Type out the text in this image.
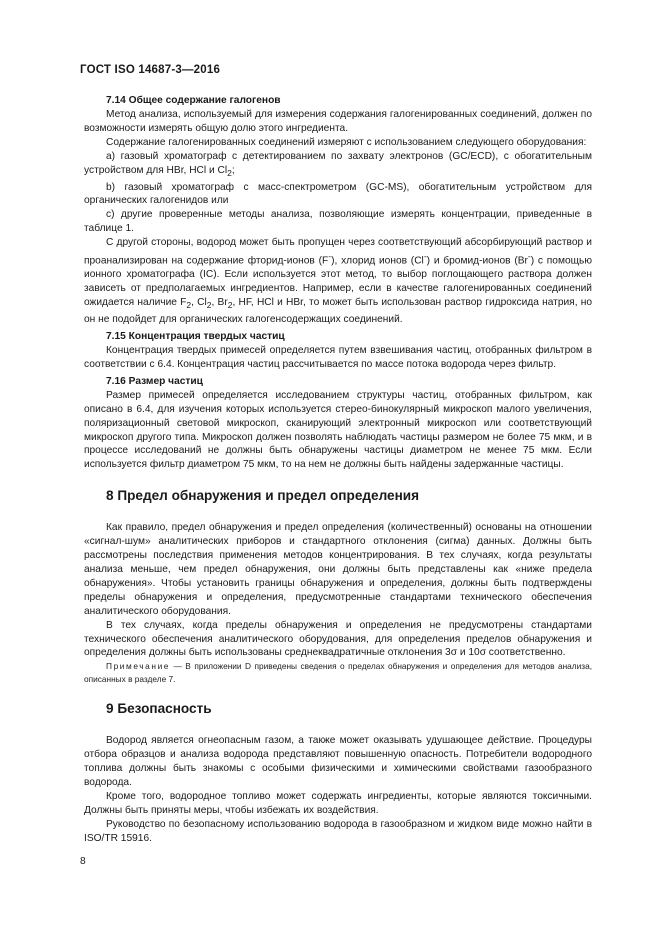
ГОСТ ISO 14687-3—2016
7.14 Общее содержание галогенов

Метод анализа, используемый для измерения содержания галогенированных соединений, должен по возможности измерять общую долю этого ингредиента.

Содержание галогенированных соединений измеряют с использованием следующего оборудования:

a) газовый хроматограф с детектированием по захвату электронов (GC/ECD), с обогатительным устройством для HBr, HCl и $Cl_2$;

b) газовый хроматограф с масс-спектрометром (GC-MS), обогатительным устройством для органических галогенидов или

c) другие проверенные методы анализа, позволяющие измерять концентрации, приведенные в таблице 1.

С другой стороны, водород может быть пропущен через соответствующий абсорбирующий раствор и проанализирован на содержание фторид-ионов (F-), хлорид ионов (Cl-) и бромид-ионов (Br-) с помощью ионного хроматографа (IC). Если используется этот метод, то выбор поглощающего раствора должен зависеть от предполагаемых ингредиентов. Например, если в качестве галогенированных соединений ожидается наличие $F_2$, $Cl_2$, $Br_2$, HF, HCl и HBr, то может быть использован раствор гидроксида натрия, но он не подойдет для органических галогенсодержащих соединений.

7.15 Концентрация твердых частиц

Концентрация твердых примесей определяется путем взвешивания частиц, отобранных фильтром в соответствии с 6.4. Концентрация частиц рассчитывается по массе потока водорода через фильтр.

7.16 Размер частиц

Размер примесей определяется исследованием структуры частиц, отобранных фильтром, как описано в 6.4, для изучения которых используется стерео-бинокулярный микроскоп малого увеличения, поляризационный световой микроскоп, сканирующий электронный микроскоп или соответствующий микроскоп другого типа. Микроскоп должен позволять наблюдать частицы размером не более 75 мкм, и в процессе исследований не должны быть обнаружены частицы диаметром не менее 75 мкм. Если используется фильтр диаметром 75 мкм, то на нем не должны быть найдены задержанные частицы.

8 Предел обнаружения и предел определения

Как правило, предел обнаружения и предел определения (количественный) основаны на отношении «сигнал-шум» аналитических приборов и стандартного отклонения (сигма) данных. Должны быть рассмотрены последствия применения методов концентрирования. В тех случаях, когда результаты анализа меньше, чем предел обнаружения, они должны быть представлены как «ниже предела обнаружения». Чтобы установить границы обнаружения и определения, должны быть подтверждены пределы обнаружения и определения, предусмотренные стандартами технического обеспечения аналитического оборудования.

В тех случаях, когда пределы обнаружения и определения не предусмотрены стандартами технического обеспечения аналитического оборудования, для определения пределов обнаружения и определения должны быть использованы среднеквадратичные отклонения 3σ и 10σ соответственно.

Примечание — В приложении D приведены сведения о пределах обнаружения и определения для методов анализа, описанных в разделе 7.

9 Безопасность

Водород является огнеопасным газом, а также может оказывать удушающее действие. Процедуры отбора образцов и анализа водорода представляют повышенную опасность. Потребители водородного топлива должны быть знакомы с особыми физическими и химическими свойствами газообразного водорода.

Кроме того, водородное топливо может содержать ингредиенты, которые являются токсичными. Должны быть приняты меры, чтобы избежать их воздействия.

Руководство по безопасному использованию водорода в газообразном и жидком виде можно найти в ISO/TR 15916.

8
